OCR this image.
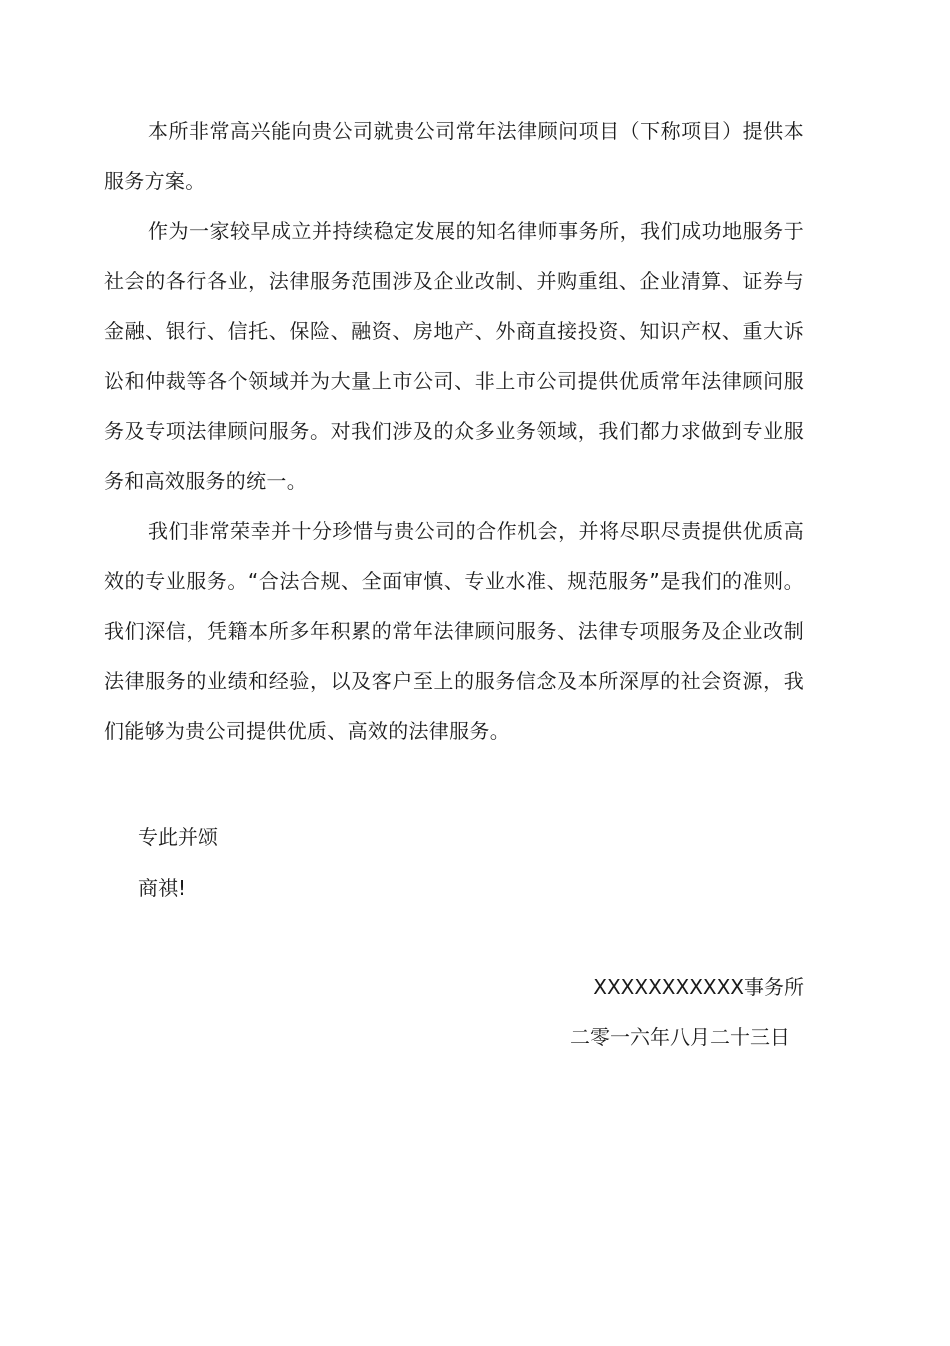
本所非常高兴能向贵公司就贵公司常年法律顾问项目（下称项目）提供本服务方案。

作为一家较早成立并持续稳定发展的知名律师事务所，我们成功地服务于社会的各行各业，法律服务范围涉及企业改制、并购重组、企业清算、证券与金融、银行、信托、保险、融资、房地产、外商直接投资、知识产权、重大诉讼和仲裁等各个领域并为大量上市公司、非上市公司提供优质常年法律顾问服务及专项法律顾问服务。对我们涉及的众多业务领域，我们都力求做到专业服务和高效服务的统一。

我们非常荣幸并十分珍惜与贵公司的合作机会，并将尽职尽责提供优质高效的专业服务。“合法合规、全面审慎、专业水准、规范服务”是我们的准则。我们深信，凭籍本所多年积累的常年法律顾问服务、法律专项服务及企业改制法律服务的业绩和经验，以及客户至上的服务信念及本所深厚的社会资源，我们能够为贵公司提供优质、高效的法律服务。

专此并颂
商祺!
XXXXXXXXXXX事务所
二零一六年八月二十三日
